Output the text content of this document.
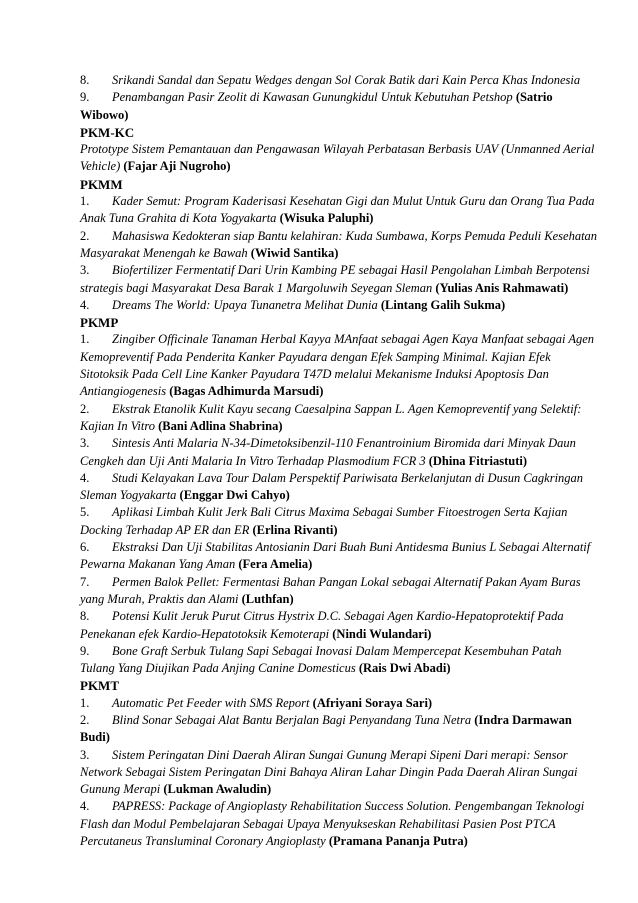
8. Srikandi Sandal dan Sepatu Wedges dengan Sol Corak Batik dari Kain Perca Khas Indonesia
9. Penambangan Pasir Zeolit di Kawasan Gunungkidul Untuk Kebutuhan Petshop (Satrio Wibowo)
PKM-KC
Prototype Sistem Pemantauan dan Pengawasan Wilayah Perbatasan Berbasis UAV (Unmanned Aerial Vehicle) (Fajar Aji Nugroho)
PKMM
1. Kader Semut: Program Kaderisasi Kesehatan Gigi dan Mulut Untuk Guru dan Orang Tua Pada Anak Tuna Grahita di Kota Yogyakarta (Wisuka Paluphi)
2. Mahasiswa Kedokteran siap Bantu kelahiran: Kuda Sumbawa, Korps Pemuda Peduli Kesehatan Masyarakat Menengah ke Bawah (Wiwid Santika)
3. Biofertilizer Fermentatif Dari Urin Kambing PE sebagai Hasil Pengolahan Limbah Berpotensi strategis bagi Masyarakat Desa Barak 1 Margoluwih Seyegan Sleman (Yulias Anis Rahmawati)
4. Dreams The World: Upaya Tunanetra Melihat Dunia (Lintang Galih Sukma)
PKMP
1. Zingiber Officinale Tanaman Herbal Kayya MAnfaat sebagai Agen Kaya Manfaat sebagai Agen Kemopreventif Pada Penderita Kanker Payudara dengan Efek Samping Minimal. Kajian Efek Sitotoksik Pada Cell Line Kanker Payudara T47D melalui Mekanisme Induksi Apoptosis Dan Antiangiogenesis (Bagas Adhimurda Marsudi)
2. Ekstrak Etanolik Kulit Kayu secang Caesalpina Sappan L. Agen Kemopreventif yang Selektif: Kajian In Vitro (Bani Adlina Shabrina)
3. Sintesis Anti Malaria N-34-Dimetoksibenzil-110 Fenantroinium Biromida dari Minyak Daun Cengkeh dan Uji Anti Malaria In Vitro Terhadap Plasmodium FCR 3 (Dhina Fitriastuti)
4. Studi Kelayakan Lava Tour Dalam Perspektif Pariwisata Berkelanjutan di Dusun Cagkringan Sleman Yogyakarta (Enggar Dwi Cahyo)
5. Aplikasi Limbah Kulit Jerk Bali Citrus Maxima Sebagai Sumber Fitoestrogen Serta Kajian Docking Terhadap AP ER dan ER (Erlina Rivanti)
6. Ekstraksi Dan Uji Stabilitas Antosianin Dari Buah Buni Antidesma Bunius L Sebagai Alternatif Pewarna Makanan Yang Aman (Fera Amelia)
7. Permen Balok Pellet: Fermentasi Bahan Pangan Lokal sebagai Alternatif Pakan Ayam Buras yang Murah, Praktis dan Alami (Luthfan)
8. Potensi Kulit Jeruk Purut Citrus Hystrix D.C. Sebagai Agen Kardio-Hepatoprotektif Pada Penekanan efek Kardio-Hepatotoksik Kemoterapi (Nindi Wulandari)
9. Bone Graft Serbuk Tulang Sapi Sebagai Inovasi Dalam Mempercepat Kesembuhan Patah Tulang Yang Diujikan Pada Anjing Canine Domesticus (Rais Dwi Abadi)
PKMT
1. Automatic Pet Feeder with SMS Report (Afriyani Soraya Sari)
2. Blind Sonar Sebagai Alat Bantu Berjalan Bagi Penyandang Tuna Netra (Indra Darmawan Budi)
3. Sistem Peringatan Dini Daerah Aliran Sungai Gunung Merapi Sipeni Dari merapi: Sensor Network Sebagai Sistem Peringatan Dini Bahaya Aliran Lahar Dingin Pada Daerah Aliran Sungai Gunung Merapi (Lukman Awaludin)
4. PAPRESS: Package of Angioplasty Rehabilitation Success Solution. Pengembangan Teknologi Flash dan Modul Pembelajaran Sebagai Upaya Menyukseskan Rehabilitasi Pasien Post PTCA Percutaneus Transluminal Coronary Angioplasty (Pramana Pananja Putra)
